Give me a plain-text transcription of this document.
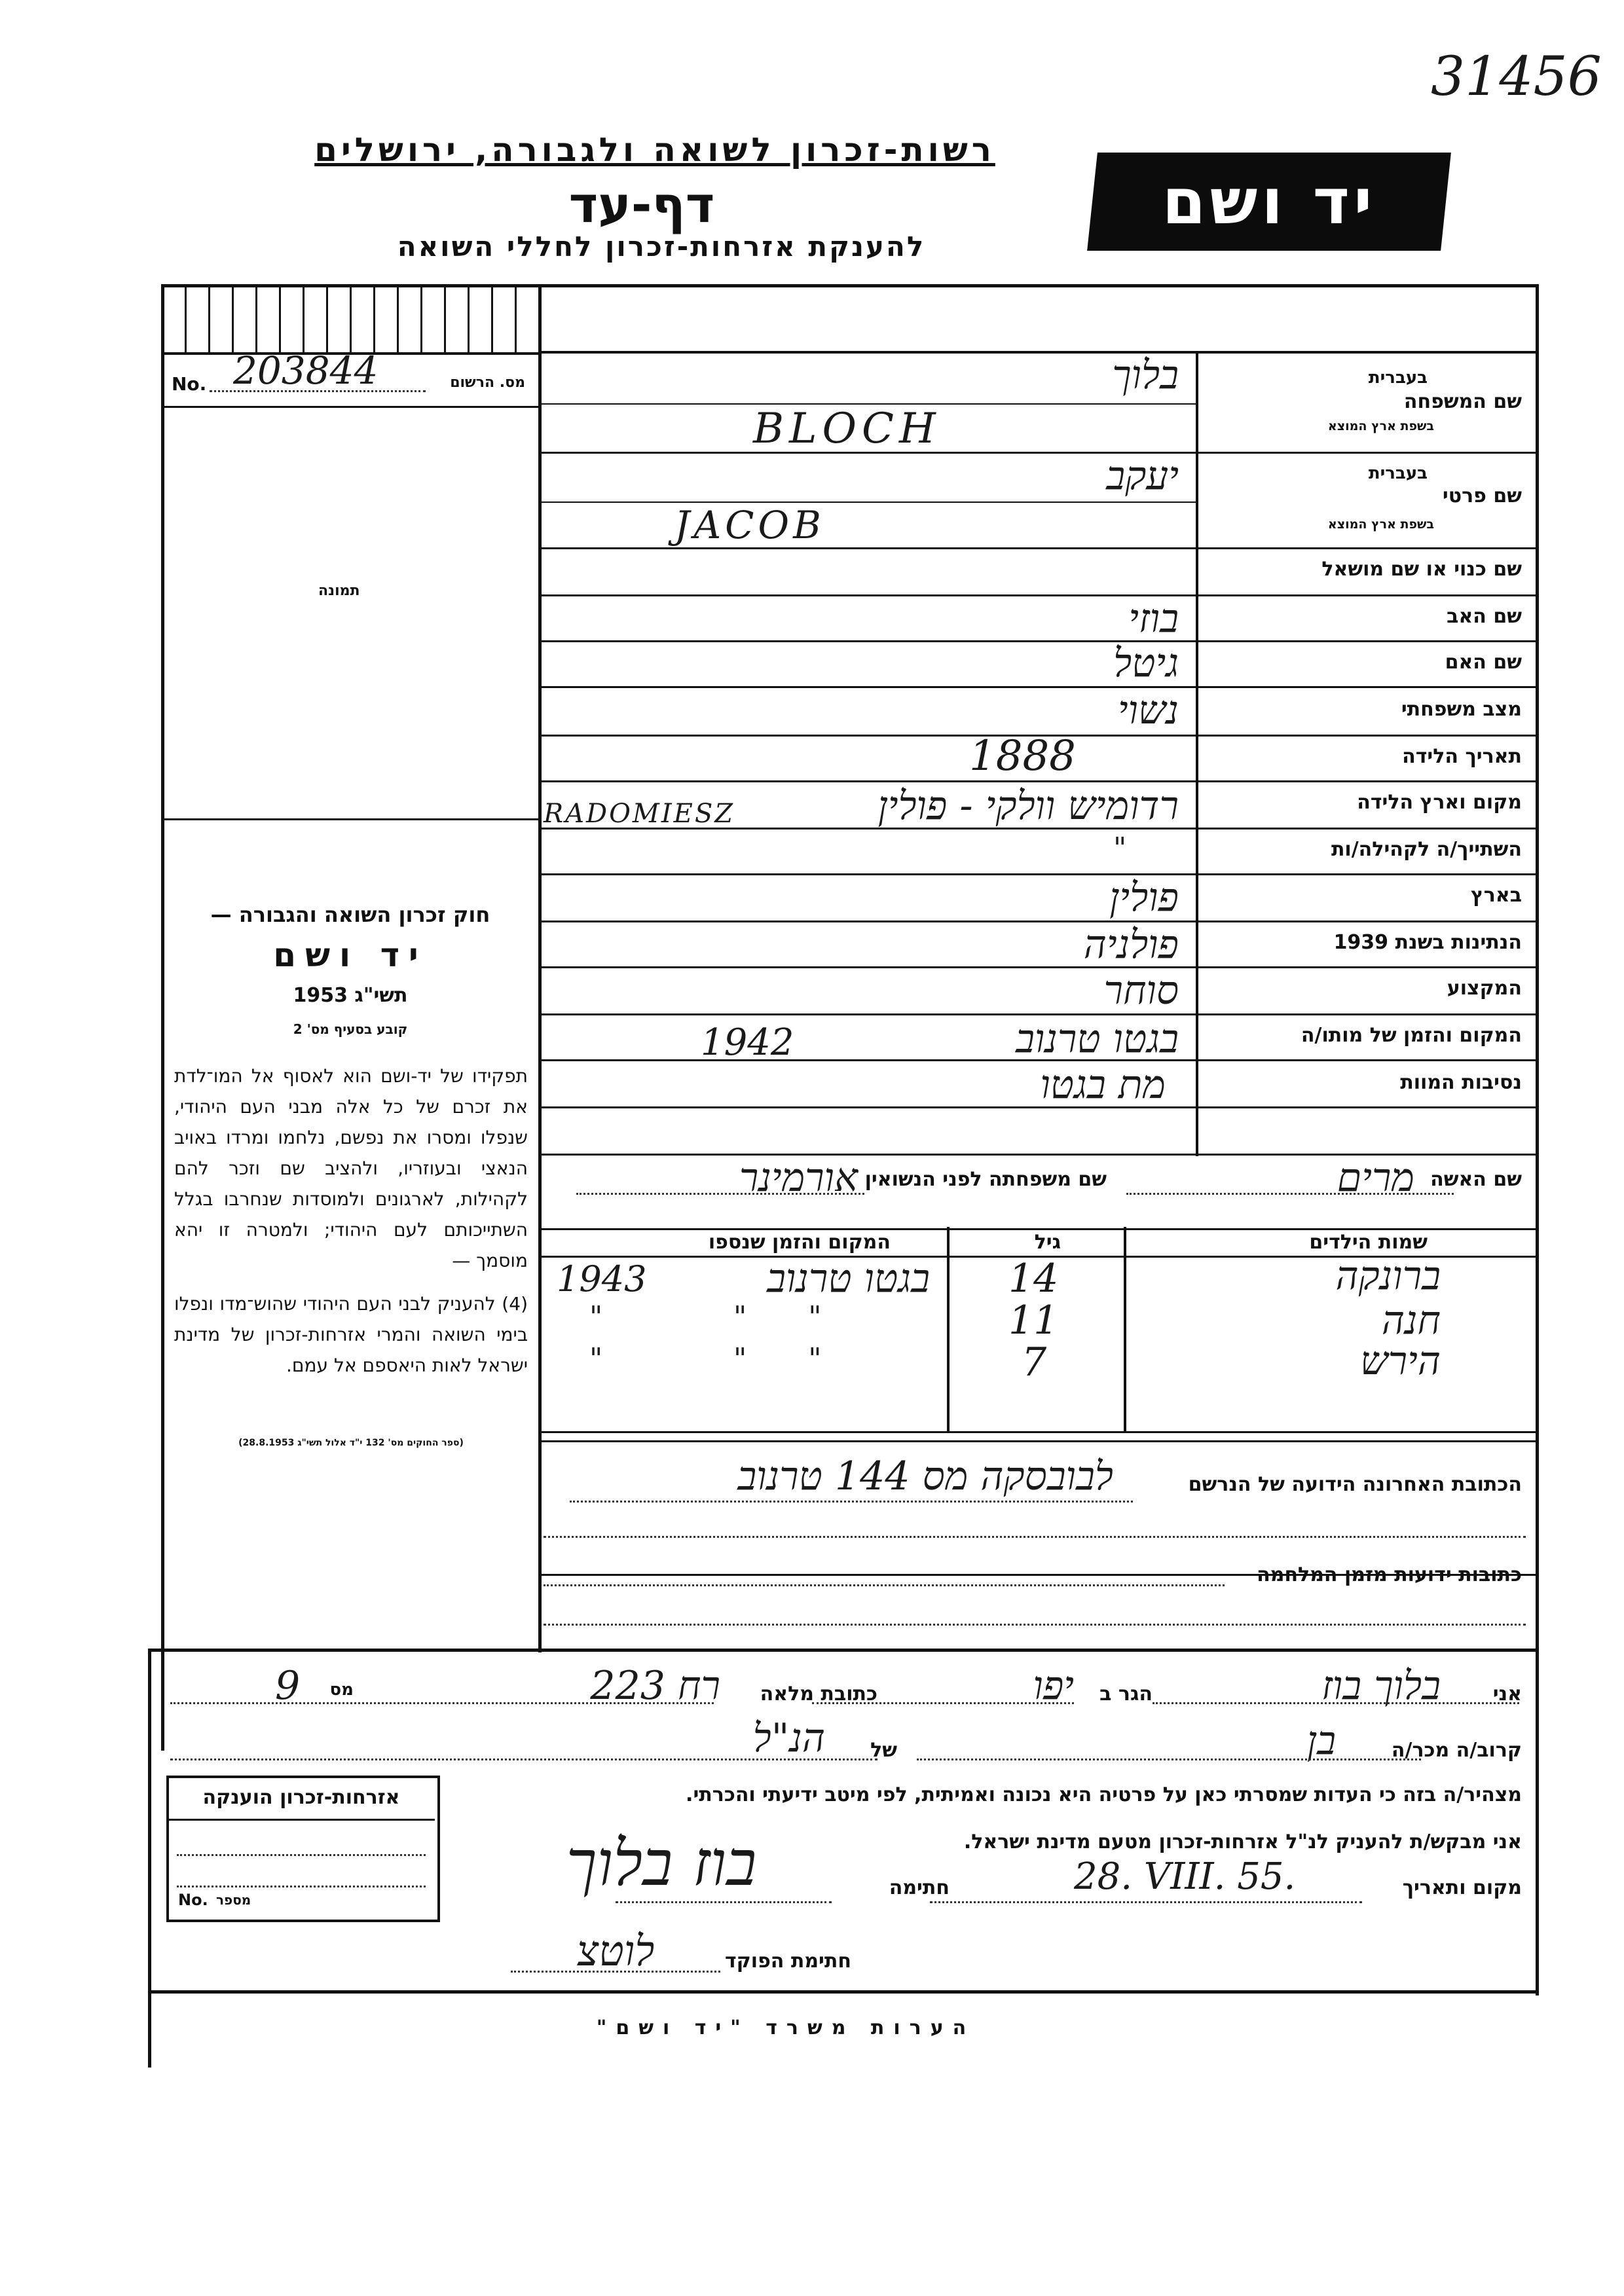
31456
רשות-זכרון לשואה ולגבורה, ירושלים
דף-עד
להענקת אזרחות-זכרון לחללי השואה
יד ושם
No. 203844	מס. הרשום
תמונה
חוק זכרון השואה והגבורה —
יד ושם
תשי"ג 1953
קובע בסעיף מס' 2
תפקידו של יד-ושם הוא לאסוף אל המו־לדת את זכרם של כל אלה מבני העם היהודי, שנפלו ומסרו את נפשם, נלחמו ומרדו באויב הנאצי ובעוזריו, ולהציב שם וזכר להם לקהילות, לארגונים ולמוסדות שנחרבו בגלל השתייכותם לעם היהודי; ולמטרה זו יהא מוסמך —
(4) להעניק לבני העם היהודי שהוש־מדו ונפלו בימי השואה והמרי אזרחות-זכרון של מדינת ישראל לאות היאספם אל עמם.
(ספר החוקים מס' 132 י"ד אלול תשי"ג 28.8.1953)
שם המשפחה
בעברית
בשפת ארץ המוצא
בלוך
BLOCH
שם פרטי
בעברית
בשפת ארץ המוצא
יעקב
JACOB
שם כנוי או שם מושאל
שם האב
בוזי
שם האם
גיטל
מצב משפחתי
נשוי
תאריך הלידה
1888
מקום וארץ הלידה
רדומיש וולקי - פולין
RADOMIESZ
השתייך/ה לקהילה/ות
"
בארץ
פולין
הנתינות בשנת 1939
פולניה
המקצוע
סוחר
המקום והזמן של מותו/ה
בגטו טרנוב
1942
נסיבות המוות
מת בגטו
שם האשה
מרים
שם משפחתה לפני הנשואין
אורמינר
שמות הילדים
גיל
המקום והזמן שנספו
ברונקה
14
בגטו טרנוב
1943
חנה
11
" "
"
הירש
7
" "
"
הכתובת האחרונה הידועה של הנרשם
לבובסקה מס 144 טרנוב
כתובות ידועות מזמן המלחמה
אני
בלוך בוז
הגר ב
יפו
כתובת מלאה
רח 223
9 מס
קרוב/ה מכר/ה
בן
של
הנ"ל
מצהיר/ה בזה כי העדות שמסרתי כאן על פרטיה היא נכונה ואמיתית, לפי מיטב ידיעתי והכרתי.
אני מבקש/ת להעניק לנ"ל אזרחות-זכרון מטעם מדינת ישראל.
מקום ותאריך
28. VIII. 55.
חתימה
בוז בלוך
חתימת הפוקד
לוטצ
אזרחות-זכרון הוענקה
No. מספר
הערות משרד "יד ושם"
